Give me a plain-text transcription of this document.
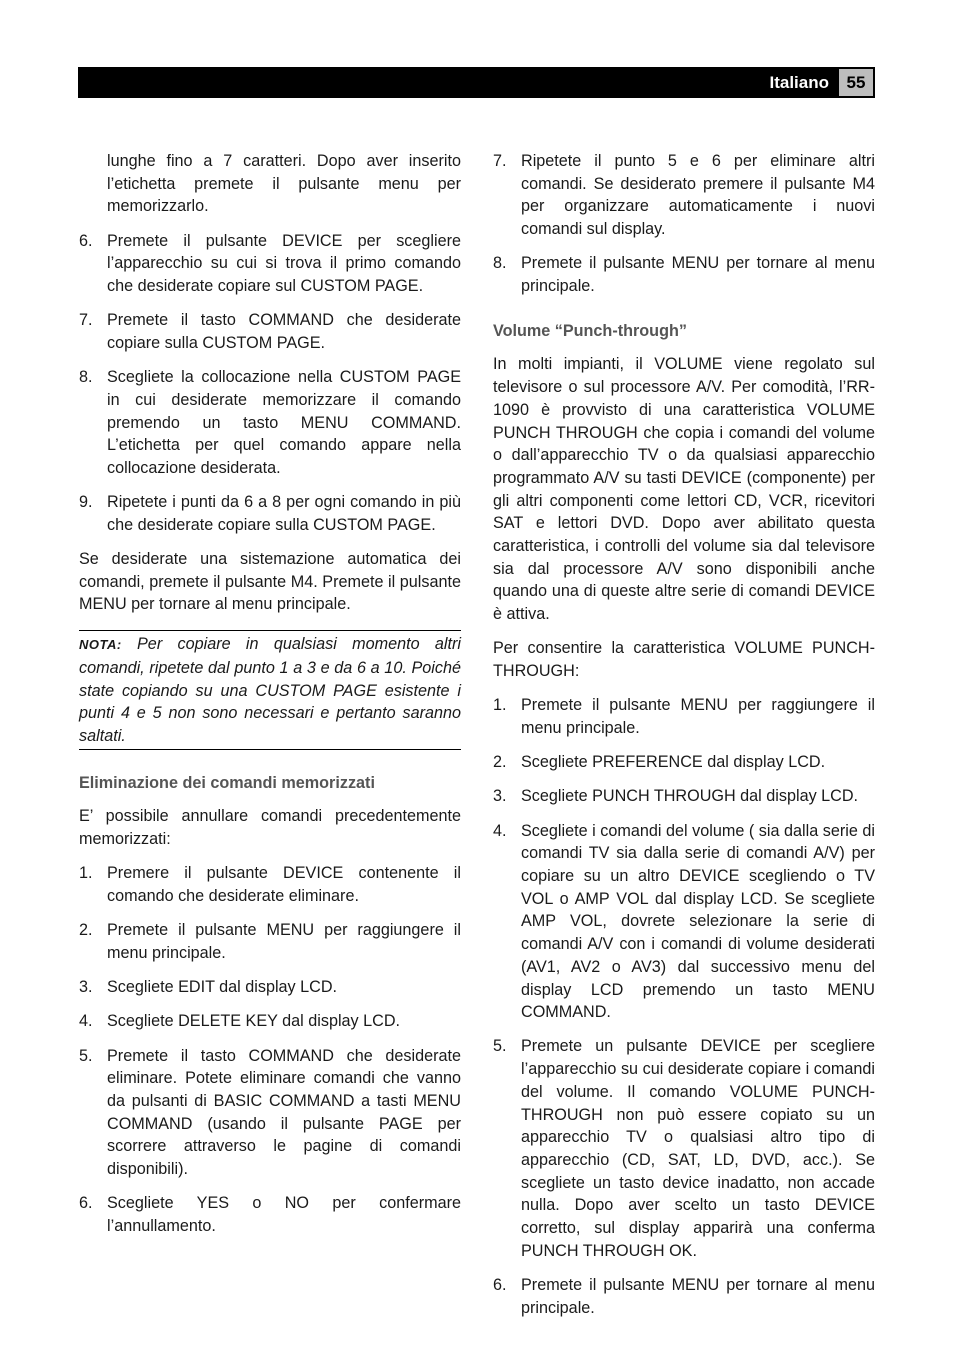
Italiano	55

lunghe fino a 7 caratteri. Dopo aver inserito l’etichetta premete il pulsante menu per memorizzarlo.

6. Premete il pulsante DEVICE per scegliere l’apparecchio su cui si trova il primo comando che desiderate copiare sul CUSTOM PAGE.
7. Premete il tasto COMMAND che desiderate copiare sulla CUSTOM PAGE.
8. Scegliete la collocazione nella CUSTOM PAGE in cui desiderate memorizzare il comando premendo un tasto MENU COMMAND. L’etichetta per quel comando appare nella collocazione desiderata.
9. Ripetete i punti da 6 a 8 per ogni comando in più che desiderate copiare sulla CUSTOM PAGE.

Se desiderate una sistemazione automatica dei comandi, premete il pulsante M4. Premete il pulsante MENU per tornare al menu principale.

NOTA: Per copiare in qualsiasi momento altri comandi, ripetete dal punto 1 a 3 e da 6 a 10. Poiché state copiando su una CUSTOM PAGE esistente i punti 4 e 5 non sono necessari e pertanto saranno saltati.
Eliminazione dei comandi memorizzati

E’ possibile annullare comandi precedentemente memorizzati:

1. Premere il pulsante DEVICE contenente il comando che desiderate eliminare.
2. Premete il pulsante MENU per raggiungere il menu principale.
3. Scegliete EDIT dal display LCD.
4. Scegliete DELETE KEY dal display LCD.
5. Premete il tasto COMMAND che desiderate eliminare. Potete eliminare comandi che vanno da pulsanti di BASIC COMMAND a tasti MENU COMMAND (usando il pulsante PAGE per scorrere attraverso le pagine di comandi disponibili).
6. Scegliete YES o NO per confermare l’annullamento.
7. Ripetete il punto 5 e 6 per eliminare altri comandi. Se desiderato premere il pulsante M4 per organizzare automaticamente i nuovi comandi sul display.
8. Premete il pulsante MENU per tornare al menu principale.
Volume “Punch-through”

In molti impianti, il VOLUME viene regolato sul televisore o sul processore A/V. Per comodità, l’RR-1090 è provvisto di una caratteristica VOLUME PUNCH THROUGH che copia i comandi del volume o dall’apparecchio TV o da qualsiasi apparecchio programmato A/V su tasti DEVICE (componente) per gli altri componenti come lettori CD, VCR, ricevitori SAT e lettori DVD. Dopo aver abilitato questa caratteristica, i controlli del volume sia dal televisore sia dal processore A/V sono disponibili anche quando una di queste altre serie di comandi DEVICE è attiva.

Per consentire la caratteristica VOLUME PUNCH-THROUGH:

1. Premete il pulsante MENU per raggiungere il menu principale.
2. Scegliete PREFERENCE dal display LCD.
3. Scegliete PUNCH THROUGH dal display LCD.
4. Scegliete i comandi del volume ( sia dalla serie di comandi TV sia dalla serie di comandi A/V) per copiare su un altro DEVICE scegliendo o TV VOL o AMP VOL dal display LCD. Se scegliete AMP VOL, dovrete selezionare la serie di comandi A/V con i comandi di volume desiderati (AV1, AV2 o AV3) dal successivo menu del display LCD premendo un tasto MENU COMMAND.
5. Premete un pulsante DEVICE per scegliere l’apparecchio su cui desiderate copiare i comandi del volume. Il comando VOLUME PUNCH-THROUGH non può essere copiato su un apparecchio TV o qualsiasi altro tipo di apparecchio (CD, SAT, LD, DVD, acc.). Se scegliete un tasto device inadatto, non accade nulla. Dopo aver scelto un tasto DEVICE corretto, sul display apparirà una conferma PUNCH THROUGH OK.
6. Premete il pulsante MENU per tornare al menu principale.
